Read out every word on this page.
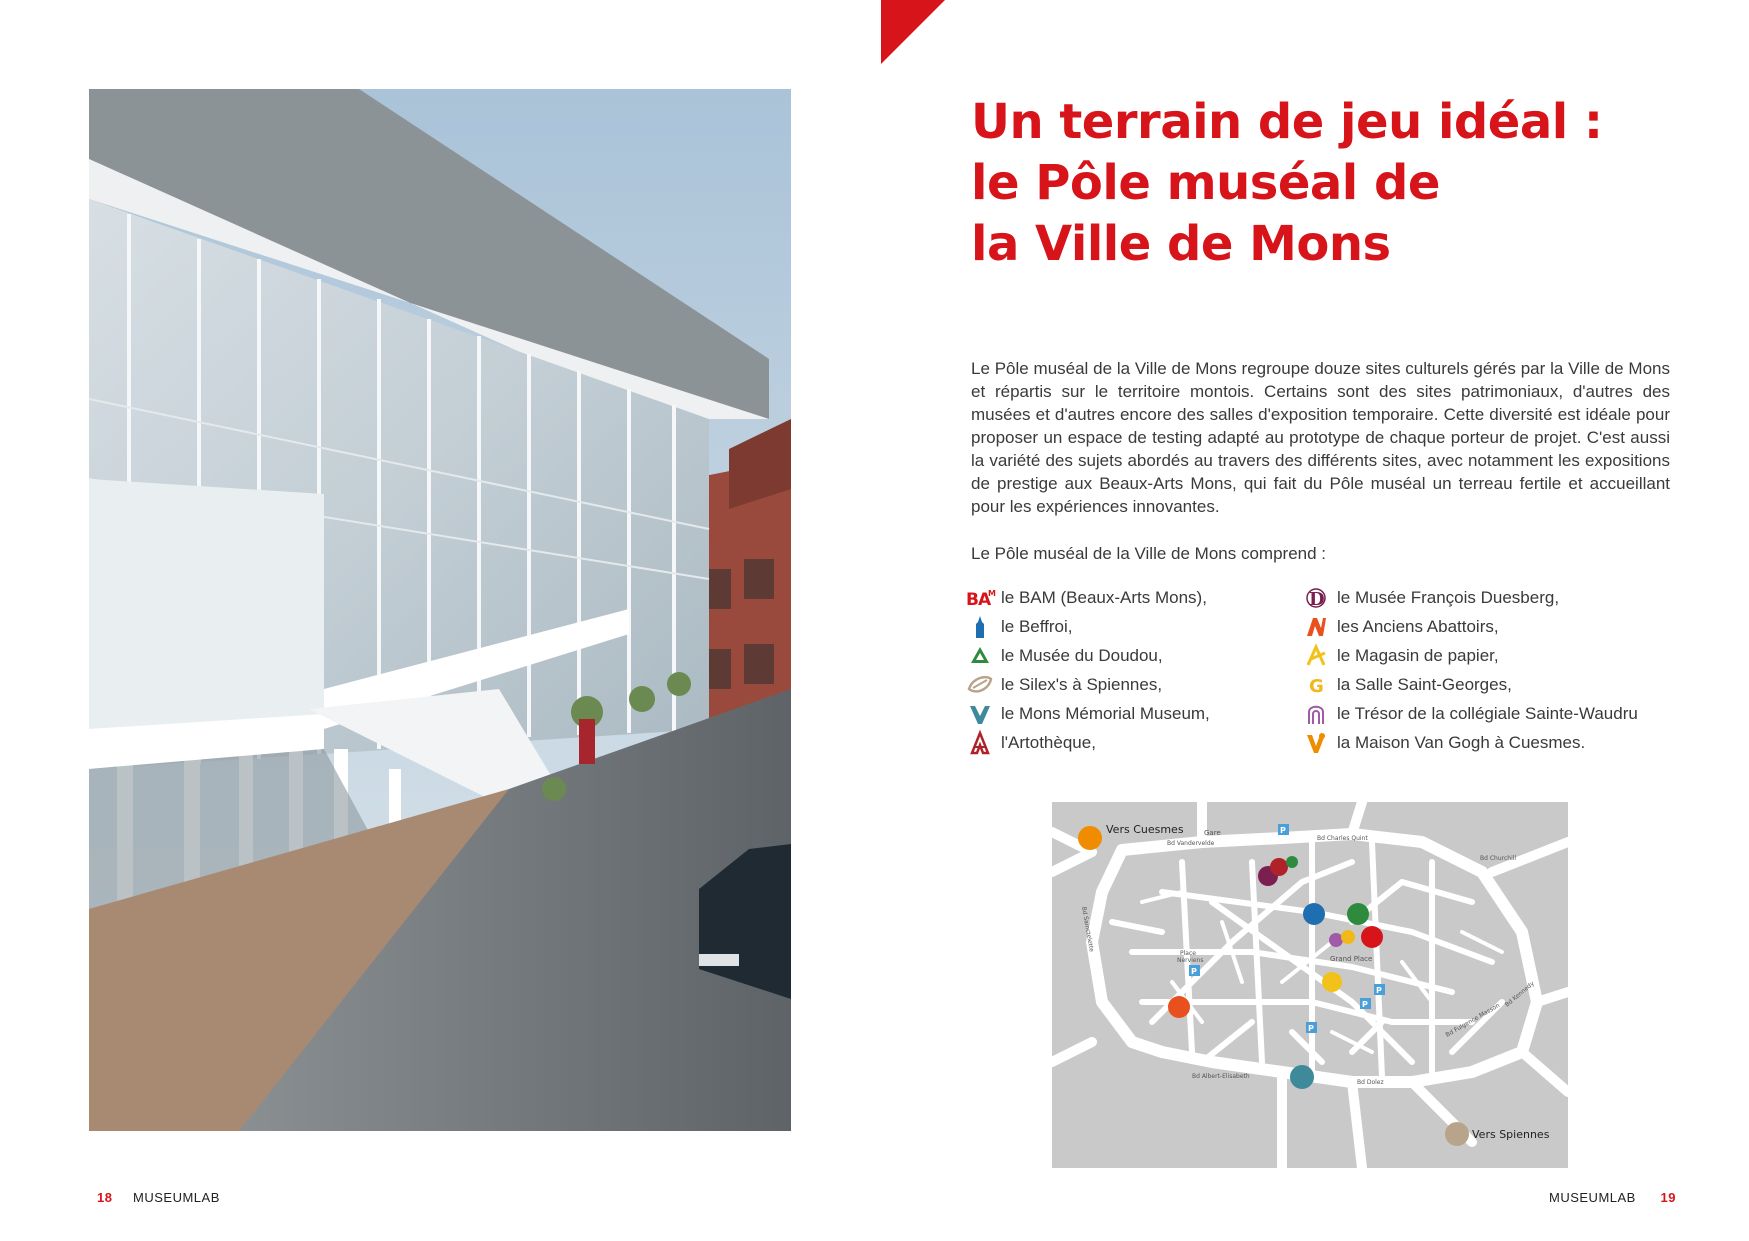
Un terrain de jeu idéal :
le Pôle muséal de
la Ville de Mons

Le Pôle muséal de la Ville de Mons regroupe douze sites culturels gérés par la Ville de Mons et répartis sur le territoire montois. Certains sont des sites patrimoniaux, d'autres des musées et d'autres encore des salles d'exposition temporaire. Cette diversité est idéale pour proposer un espace de testing adapté au prototype de chaque porteur de projet. C'est aussi la variété des sujets abordés au travers des différents sites, avec notamment les expositions de prestige aux Beaux-Arts Mons, qui fait du Pôle muséal un terreau fertile et accueillant pour les expériences innovantes.

Le Pôle muséal de la Ville de Mons comprend :

BA
M le BAM (Beaux-Arts Mons),
le Beffroi,
le Musée du Doudou,
le Silex's à Spiennes,
le Mons Mémorial Museum,
l'Artothèque,
D le Musée François Duesberg,
les Anciens Abattoirs,
le Magasin de papier,
G la Salle Saint-Georges,
le Trésor de la collégiale Sainte-Waudru
la Maison Van Gogh à Cuesmes.
Bd Vandervelde
Bd Charles Quint
Bd Churchill
Bd Albert-Elisabeth
Bd Dolez
Bd Sainctelette
Bd Kennedy
Bd Fulgence Masson
Gare
Grand Place
Place
Nerviens
P
P
P
P
P
Vers Cuesmes
Vers Spiennes
18 MUSEUMLAB	MUSEUMLAB 19
